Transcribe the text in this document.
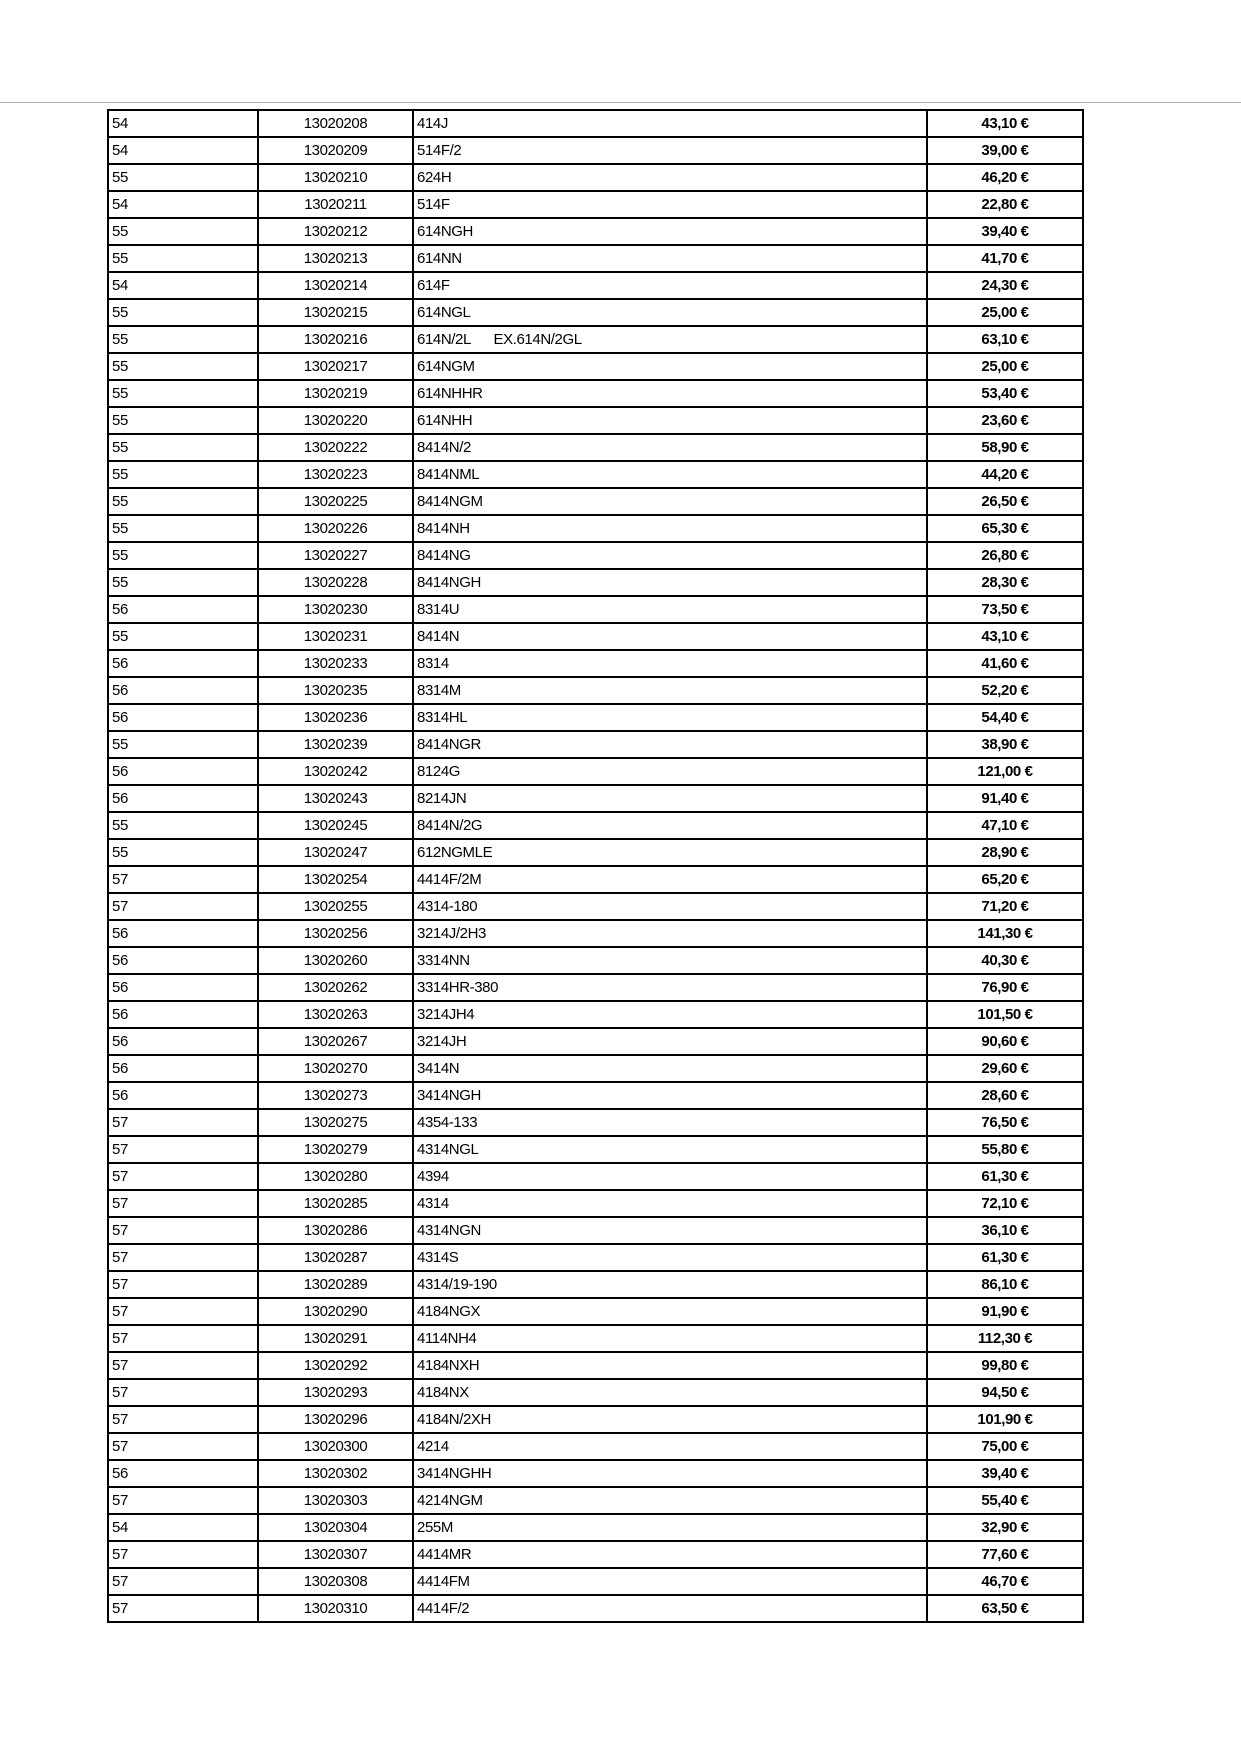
54	13020208	414J	43,10 €
54	13020209	514F/2	39,00 €
55	13020210	624H	46,20 €
54	13020211	514F	22,80 €
55	13020212	614NGH	39,40 €
55	13020213	614NN	41,70 €
54	13020214	614F	24,30 €
55	13020215	614NGL	25,00 €
55	13020216	614N/2L      EX.614N/2GL	63,10 €
55	13020217	614NGM	25,00 €
55	13020219	614NHHR	53,40 €
55	13020220	614NHH	23,60 €
55	13020222	8414N/2	58,90 €
55	13020223	8414NML	44,20 €
55	13020225	8414NGM	26,50 €
55	13020226	8414NH	65,30 €
55	13020227	8414NG	26,80 €
55	13020228	8414NGH	28,30 €
56	13020230	8314U	73,50 €
55	13020231	8414N	43,10 €
56	13020233	8314	41,60 €
56	13020235	8314M	52,20 €
56	13020236	8314HL	54,40 €
55	13020239	8414NGR	38,90 €
56	13020242	8124G	121,00 €
56	13020243	8214JN	91,40 €
55	13020245	8414N/2G	47,10 €
55	13020247	612NGMLE	28,90 €
57	13020254	4414F/2M	65,20 €
57	13020255	4314-180	71,20 €
56	13020256	3214J/2H3	141,30 €
56	13020260	3314NN	40,30 €
56	13020262	3314HR-380	76,90 €
56	13020263	3214JH4	101,50 €
56	13020267	3214JH	90,60 €
56	13020270	3414N	29,60 €
56	13020273	3414NGH	28,60 €
57	13020275	4354-133	76,50 €
57	13020279	4314NGL	55,80 €
57	13020280	4394	61,30 €
57	13020285	4314	72,10 €
57	13020286	4314NGN	36,10 €
57	13020287	4314S	61,30 €
57	13020289	4314/19-190	86,10 €
57	13020290	4184NGX	91,90 €
57	13020291	4114NH4	112,30 €
57	13020292	4184NXH	99,80 €
57	13020293	4184NX	94,50 €
57	13020296	4184N/2XH	101,90 €
57	13020300	4214	75,00 €
56	13020302	3414NGHH	39,40 €
57	13020303	4214NGM	55,40 €
54	13020304	255M	32,90 €
57	13020307	4414MR	77,60 €
57	13020308	4414FM	46,70 €
57	13020310	4414F/2	63,50 €
